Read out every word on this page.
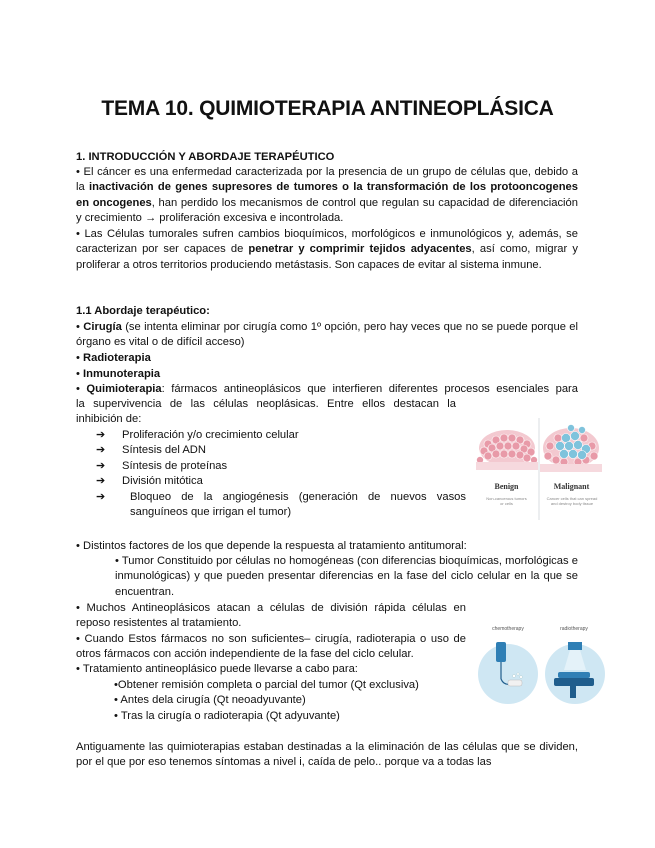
TEMA 10. QUIMIOTERAPIA ANTINEOPLÁSICA
1. INTRODUCCIÓN Y ABORDAJE TERAPÉUTICO
• El cáncer es una enfermedad caracterizada por la presencia de un grupo de células que, debido a la inactivación de genes supresores de tumores o la transformación de los protooncogenes en oncogenes, han perdido los mecanismos de control que regulan su capacidad de diferenciación y crecimiento → proliferación excesiva e incontrolada.
• Las Células tumorales sufren cambios bioquímicos, morfológicos e inmunológicos y, además, se caracterizan por ser capaces de penetrar y comprimir tejidos adyacentes, así como, migrar y proliferar a otros territorios produciendo metástasis. Son capaces de evitar al sistema inmune.
1.1 Abordaje terapéutico:
• Cirugía (se intenta eliminar por cirugía como 1º opción, pero hay veces que no se puede porque el órgano es vital o de difícil acceso)
• Radioterapia
• Inmunoterapia
• Quimioterapia: fármacos antineoplásicos que interfieren diferentes procesos esenciales para
la supervivencia de las células neoplásicas. Entre ellos destacan la
inhibición de:
➔	Proliferación y/o crecimiento celular
➔	Síntesis del ADN
➔	Síntesis de proteínas
➔	División mitótica
➔	Bloqueo de la angiogénesis (generación de nuevos vasos sanguíneos que irrigan el tumor)
Benign
Non-cancerous tumors or cells
Malignant
Cancer cells that can spread and destroy body tissue
• Distintos factores de los que depende la respuesta al tratamiento antitumoral:
• Tumor Constituido por células no homogéneas (con diferencias bioquímicas, morfológicas e inmunológicas) y que pueden presentar diferencias en la fase del ciclo celular en la que se encuentran.
• Muchos Antineoplásicos atacan a células de división rápida células en reposo resistentes al tratamiento.
• Cuando Estos fármacos no son suficientes– cirugía, radioterapia o uso de otros fármacos con acción independiente de la fase del ciclo celular.
• Tratamiento antineoplásico puede llevarse a cabo para:
•Obtener remisión completa o parcial del tumor (Qt exclusiva)
• Antes dela cirugía (Qt neoadyuvante)
• Tras la cirugía o radioterapia (Qt adyuvante)
chemotherapy	radiotherapy
Antiguamente las quimioterapias estaban destinadas a la eliminación de las células que se dividen, por el que por eso tenemos síntomas a nivel i, caída de pelo.. porque va a todas las
